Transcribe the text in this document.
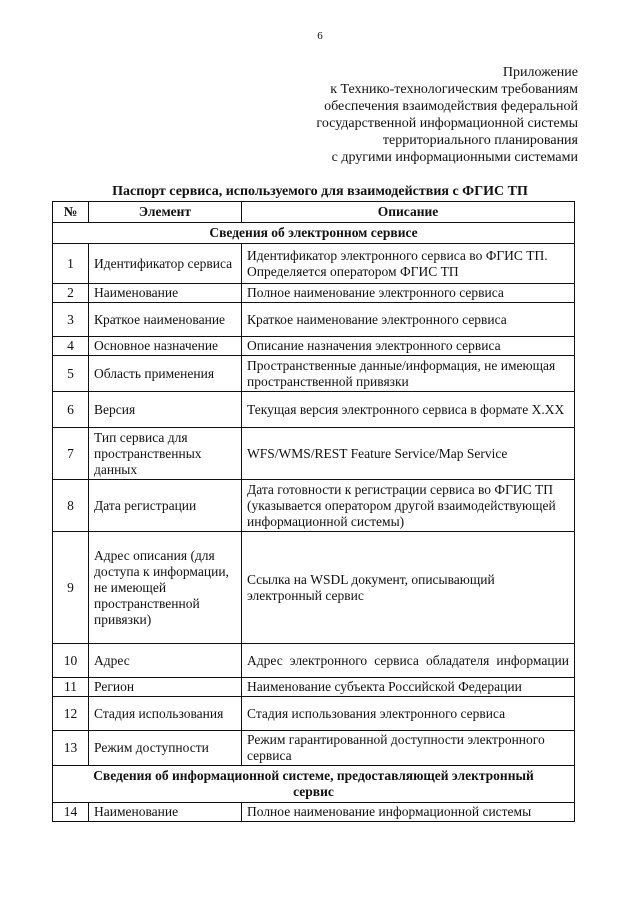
6
Приложение
к Технико-технологическим требованиям
обеспечения взаимодействия федеральной
государственной информационной системы
территориального планирования
с другими информационными системами
Паспорт сервиса, используемого для взаимодействия с ФГИС ТП
№	Элемент	Описание
Сведения об электронном сервисе		
1	Идентификатор сервиса	Идентификатор электронного сервиса во ФГИС ТП. Определяется оператором ФГИС ТП
2	Наименование	Полное наименование электронного сервиса
3	Краткое наименование	Краткое наименование электронного сервиса
4	Основное назначение	Описание назначения электронного сервиса
5	Область применения	Пространственные данные/информация, не имеющая пространственной привязки
6	Версия	Текущая версия электронного сервиса в формате X.XX
7	Тип сервиса для пространственных данных	WFS/WMS/REST Feature Service/Map Service
8	Дата регистрации	Дата готовности к регистрации сервиса во ФГИС ТП (указывается оператором другой взаимодействующей информационной системы)
9	Адрес описания (для доступа к информации, не имеющей пространственной привязки)	Ссылка на WSDL документ, описывающий электронный сервис
10	Адрес	Адрес электронного сервиса обладателя информации
11	Регион	Наименование субъекта Российской Федерации
12	Стадия использования	Стадия использования электронного сервиса
13	Режим доступности	Режим гарантированной доступности электронного сервиса
Сведения об информационной системе, предоставляющей электронный сервис		
14	Наименование	Полное наименование информационной системы
